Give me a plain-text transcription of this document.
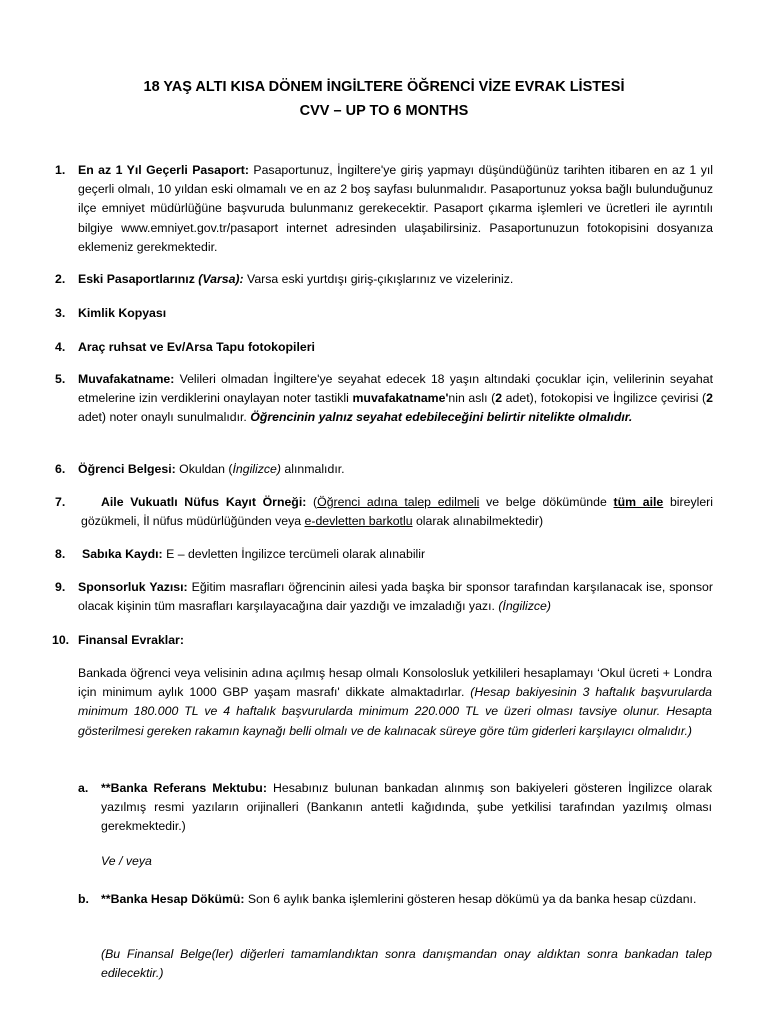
18 YAŞ ALTI KISA DÖNEM İNGİLTERE ÖĞRENCİ VİZE EVRAK LİSTESİ
CVV – UP TO 6 MONTHS
1. En az 1 Yıl Geçerli Pasaport: Pasaportunuz, İngiltere'ye giriş yapmayı düşündüğünüz tarihten itibaren en az 1 yıl geçerli olmalı, 10 yıldan eski olmamalı ve en az 2 boş sayfası bulunmalıdır. Pasaportunuz yoksa bağlı bulunduğunuz ilçe emniyet müdürlüğüne başvuruda bulunmanız gerekecektir. Pasaport çıkarma işlemleri ve ücretleri ile ayrıntılı bilgiye www.emniyet.gov.tr/pasaport internet adresinden ulaşabilirsiniz. Pasaportunuzun fotokopisini dosyanıza eklemeniz gerekmektedir.
2. Eski Pasaportlarınız (Varsa): Varsa eski yurtdışı giriş-çıkışlarınız ve vizeleriniz.
3. Kimlik Kopyası
4. Araç ruhsat ve Ev/Arsa Tapu fotokopileri
5. Muvafakatname: Velileri olmadan İngiltere'ye seyahat edecek 18 yaşın altındaki çocuklar için, velilerinin seyahat etmelerine izin verdiklerini onaylayan noter tastikli muvafakatname'nin aslı (2 adet), fotokopisi ve İngilizce çevirisi (2 adet) noter onaylı sunulmalıdır. Öğrencinin yalnız seyahat edebileceğini belirtir nitelikte olmalıdır.
6. Öğrenci Belgesi: Okuldan (İngilizce) alınmalıdır.
7.	Aile Vukuatlı Nüfus Kayıt Örneği: (Öğrenci adına talep edilmeli ve belge dökümünde tüm aile bireyleri gözükmeli, İl nüfus müdürlüğünden veya e-devletten barkotlu olarak alınabilmektedir)
8. Sabıka Kaydı: E – devletten İngilizce tercümeli olarak alınabilir
9. Sponsorluk Yazısı: Eğitim masrafları öğrencinin ailesi yada başka bir sponsor tarafından karşılanacak ise, sponsor olacak kişinin tüm masrafları karşılayacağına dair yazdığı ve imzaladığı yazı. (İngilizce)
10. Finansal Evraklar:
Bankada öğrenci veya velisinin adına açılmış hesap olmalı Konsolosluk yetkilileri hesaplamayı ‘Okul ücreti + Londra için minimum aylık 1000 GBP yaşam masrafı' dikkate almaktadırlar. (Hesap bakiyesinin 3 haftalık başvurularda minimum 180.000 TL ve 4 haftalık başvurularda minimum 220.000 TL ve üzeri olması tavsiye olunur. Hesapta gösterilmesi gereken rakamın kaynağı belli olmalı ve de kalınacak süreye göre tüm giderleri karşılayıcı olmalıdır.)
a. **Banka Referans Mektubu: Hesabınız bulunan bankadan alınmış son bakiyeleri gösteren İngilizce olarak yazılmış resmi yazıların orijinalleri (Bankanın antetli kağıdında, şube yetkilisi tarafından yazılmış olması gerekmektedir.)
Ve / veya
b. **Banka Hesap Dökümü: Son 6 aylık banka işlemlerini gösteren hesap dökümü ya da banka hesap cüzdanı.
(Bu Finansal Belge(ler) diğerleri tamamlandıktan sonra danışmandan onay aldıktan sonra bankadan talep edilecektir.)
